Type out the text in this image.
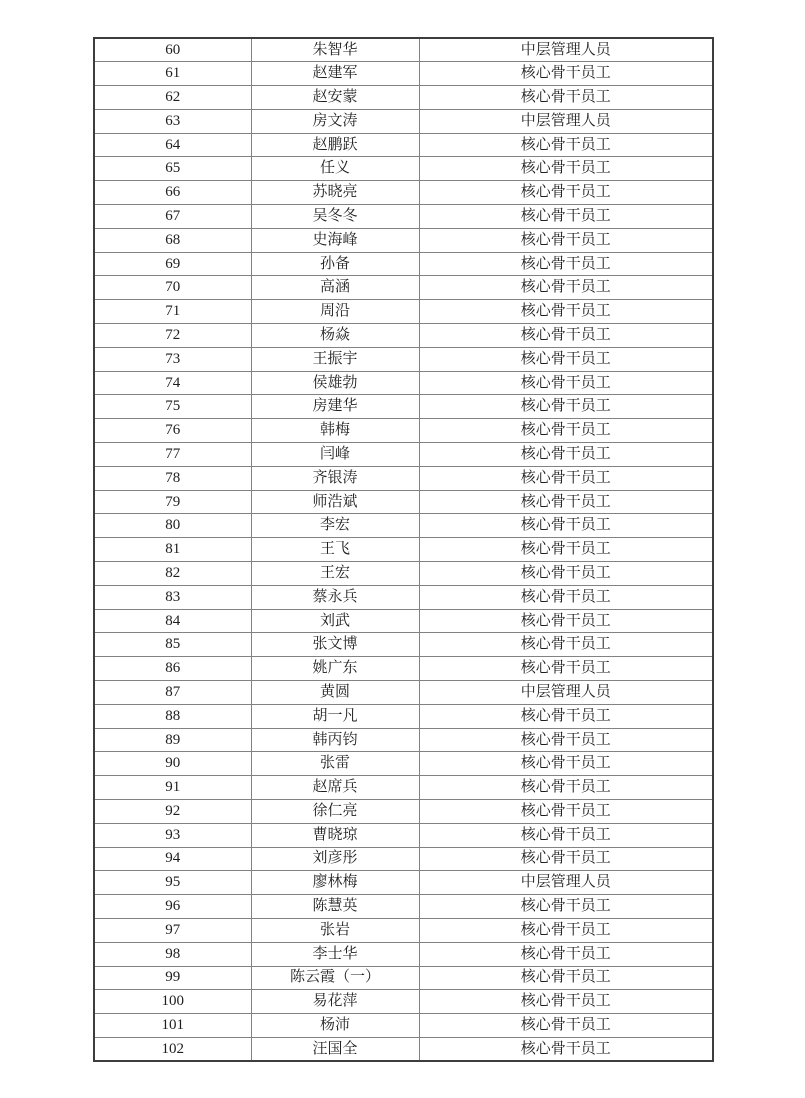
60	朱智华	中层管理人员
61	赵建军	核心骨干员工
62	赵安蒙	核心骨干员工
63	房文涛	中层管理人员
64	赵鹏跃	核心骨干员工
65	任义	核心骨干员工
66	苏晓亮	核心骨干员工
67	吴冬冬	核心骨干员工
68	史海峰	核心骨干员工
69	孙备	核心骨干员工
70	高涵	核心骨干员工
71	周沿	核心骨干员工
72	杨焱	核心骨干员工
73	王振宇	核心骨干员工
74	侯雄勃	核心骨干员工
75	房建华	核心骨干员工
76	韩梅	核心骨干员工
77	闫峰	核心骨干员工
78	齐银涛	核心骨干员工
79	师浩斌	核心骨干员工
80	李宏	核心骨干员工
81	王飞	核心骨干员工
82	王宏	核心骨干员工
83	蔡永兵	核心骨干员工
84	刘武	核心骨干员工
85	张文博	核心骨干员工
86	姚广东	核心骨干员工
87	黄圆	中层管理人员
88	胡一凡	核心骨干员工
89	韩丙钧	核心骨干员工
90	张雷	核心骨干员工
91	赵席兵	核心骨干员工
92	徐仁亮	核心骨干员工
93	曹晓琼	核心骨干员工
94	刘彦彤	核心骨干员工
95	廖林梅	中层管理人员
96	陈慧英	核心骨干员工
97	张岩	核心骨干员工
98	李士华	核心骨干员工
99	陈云霞（一）	核心骨干员工
100	易花萍	核心骨干员工
101	杨沛	核心骨干员工
102	汪国全	核心骨干员工
